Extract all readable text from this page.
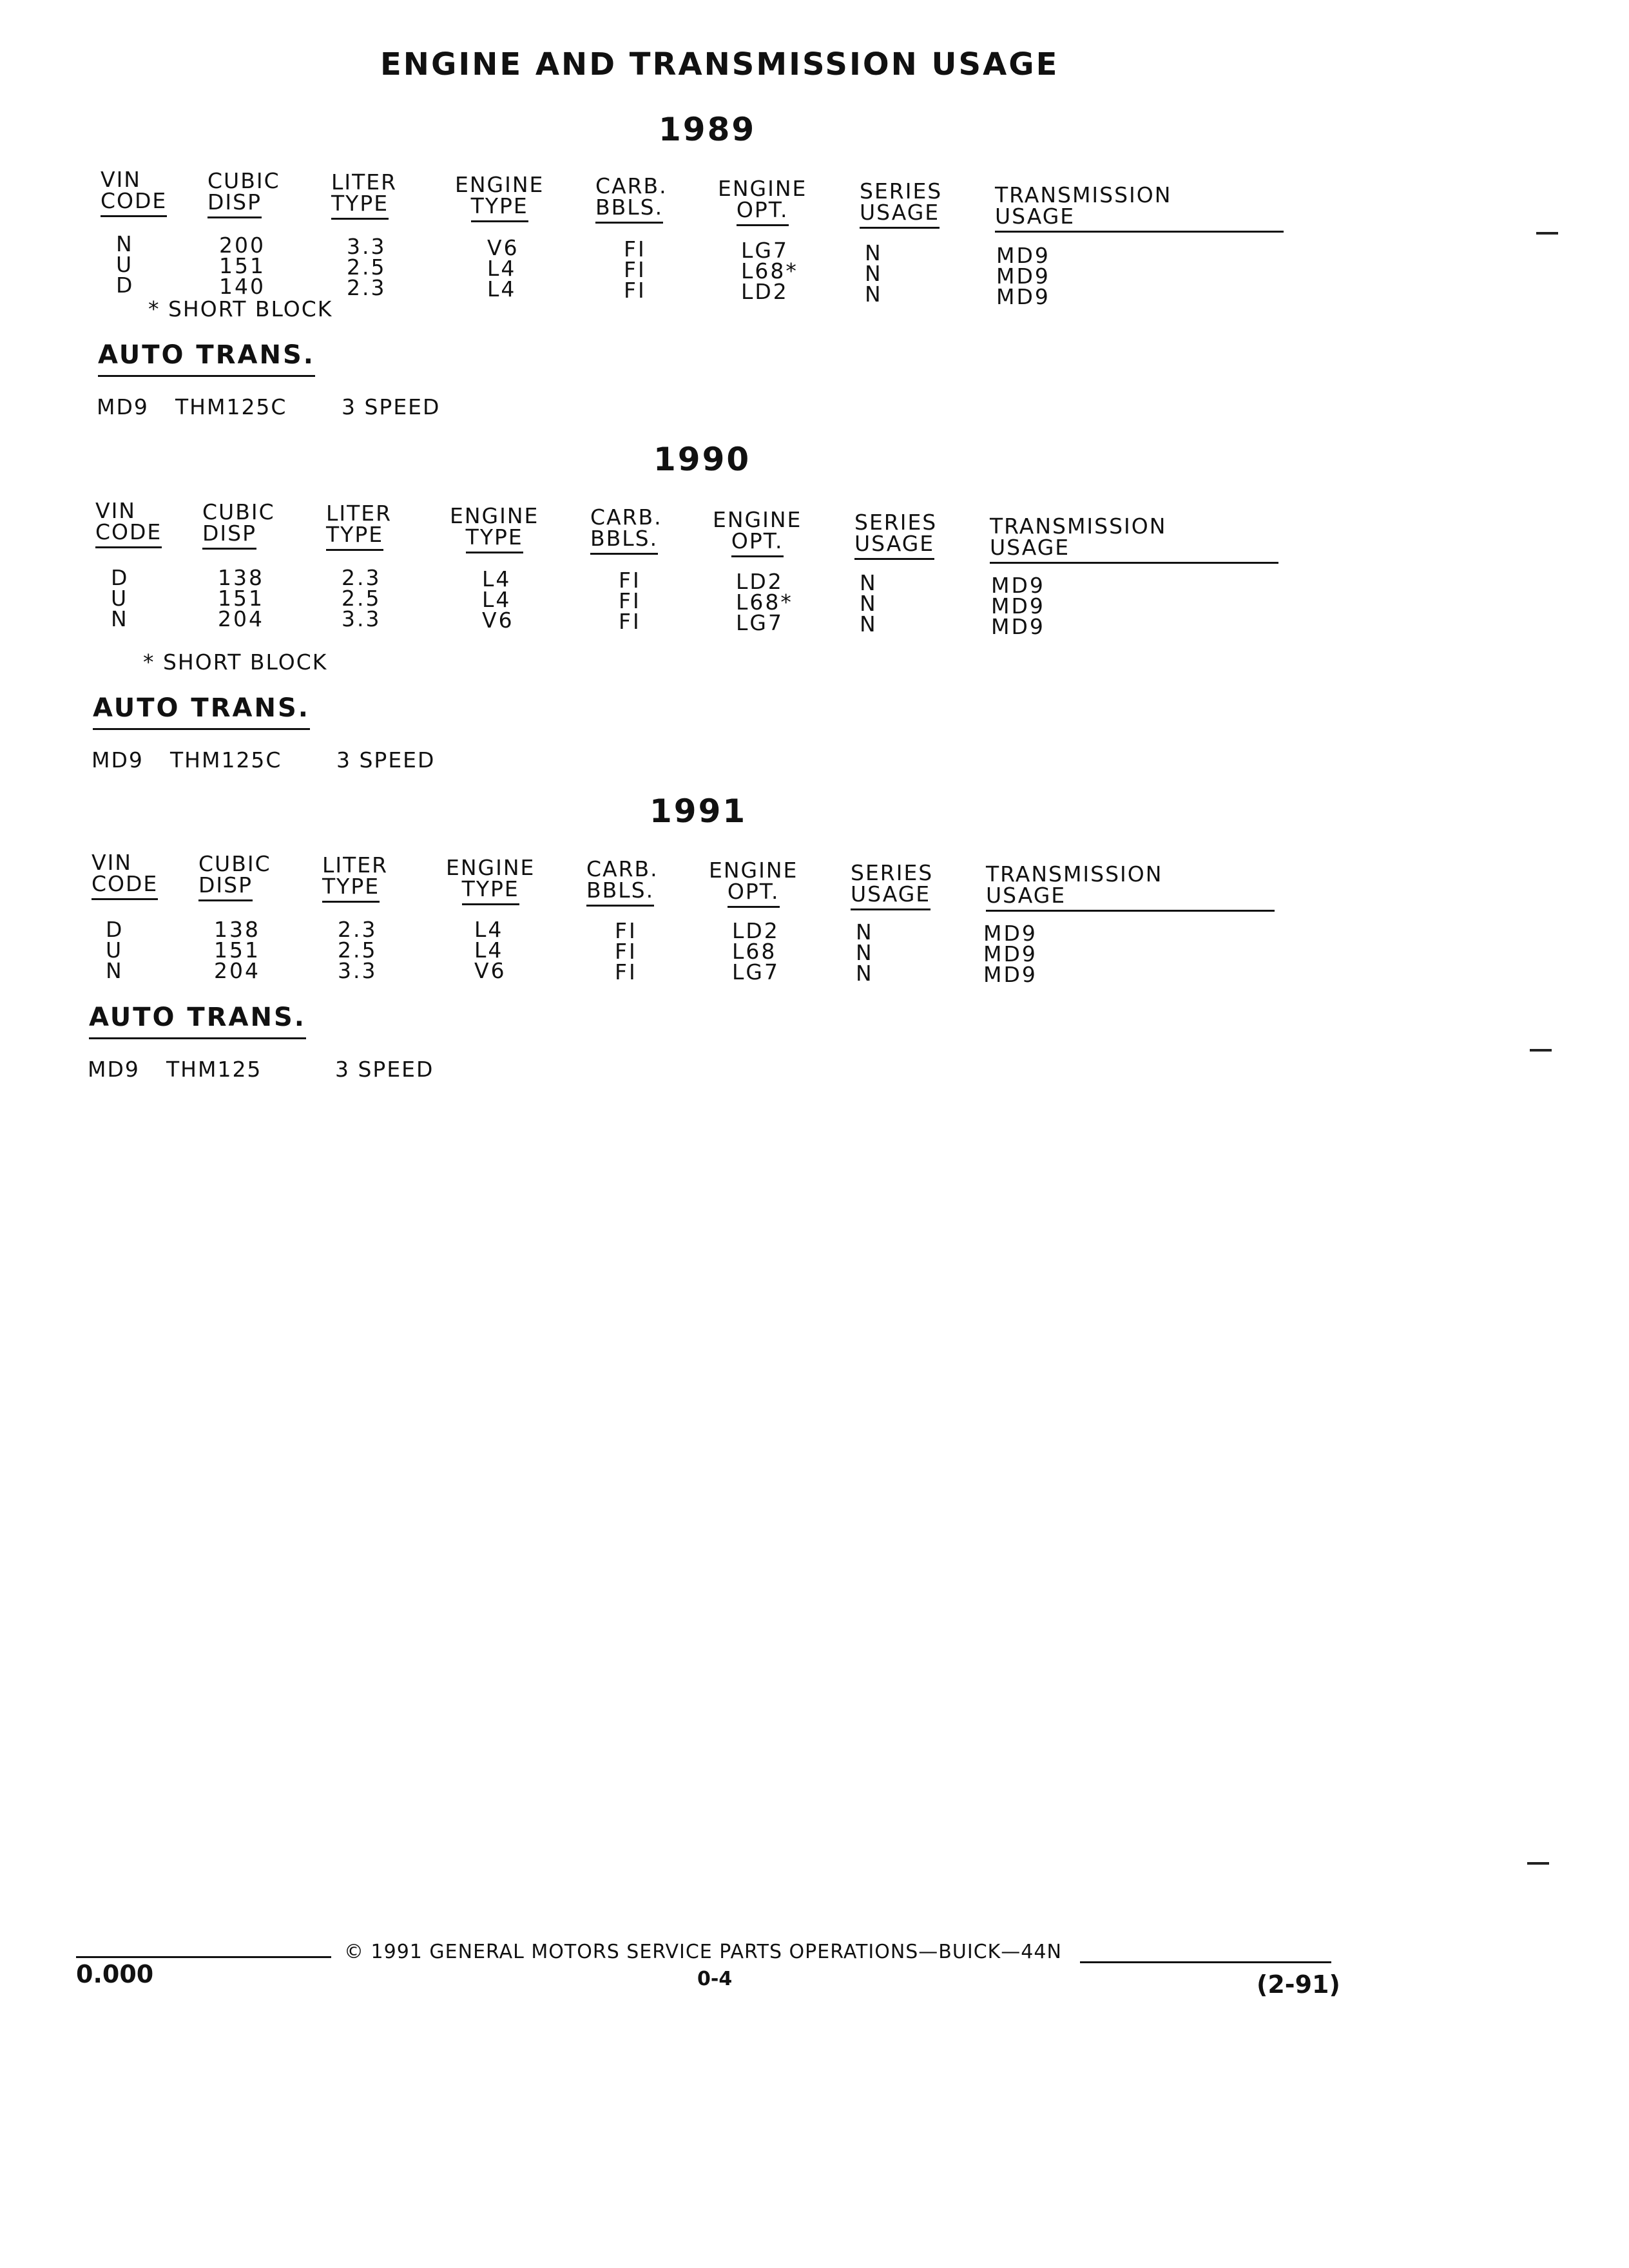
ENGINE AND TRANSMISSION USAGE
1989
VIN
CODE
CUBIC
DISP
LITER
TYPE
ENGINE
TYPE
CARB.
BBLS.
ENGINE
OPT.
SERIES
USAGE
TRANSMISSION
USAGE
N	200	3.3	V6	FI	LG7	N	MD9
U	151	2.5	L4	FI	L68*	N	MD9
D	140	2.3	L4	FI	LD2	N	MD9
* SHORT BLOCK
AUTO TRANS.
MD9 THM125C	3 SPEED
1990
VIN
CODE
CUBIC
DISP
LITER
TYPE
ENGINE
TYPE
CARB.
BBLS.
ENGINE
OPT.
SERIES
USAGE
TRANSMISSION
USAGE
D	138	2.3	L4	FI	LD2	N	MD9
U	151	2.5	L4	FI	L68*	N	MD9
N	204	3.3	V6	FI	LG7	N	MD9
* SHORT BLOCK
AUTO TRANS.
MD9 THM125C	3 SPEED
1991
VIN
CODE
CUBIC
DISP
LITER
TYPE
ENGINE
TYPE
CARB.
BBLS.
ENGINE
OPT.
SERIES
USAGE
TRANSMISSION
USAGE
D	138	2.3	L4	FI	LD2	N	MD9
U	151	2.5	L4	FI	L68	N	MD9
N	204	3.3	V6	FI	LG7	N	MD9
AUTO TRANS.
MD9 THM125	3 SPEED
© 1991 GENERAL MOTORS SERVICE PARTS OPERATIONS—BUICK—44N
0.000	0-4	(2-91)
